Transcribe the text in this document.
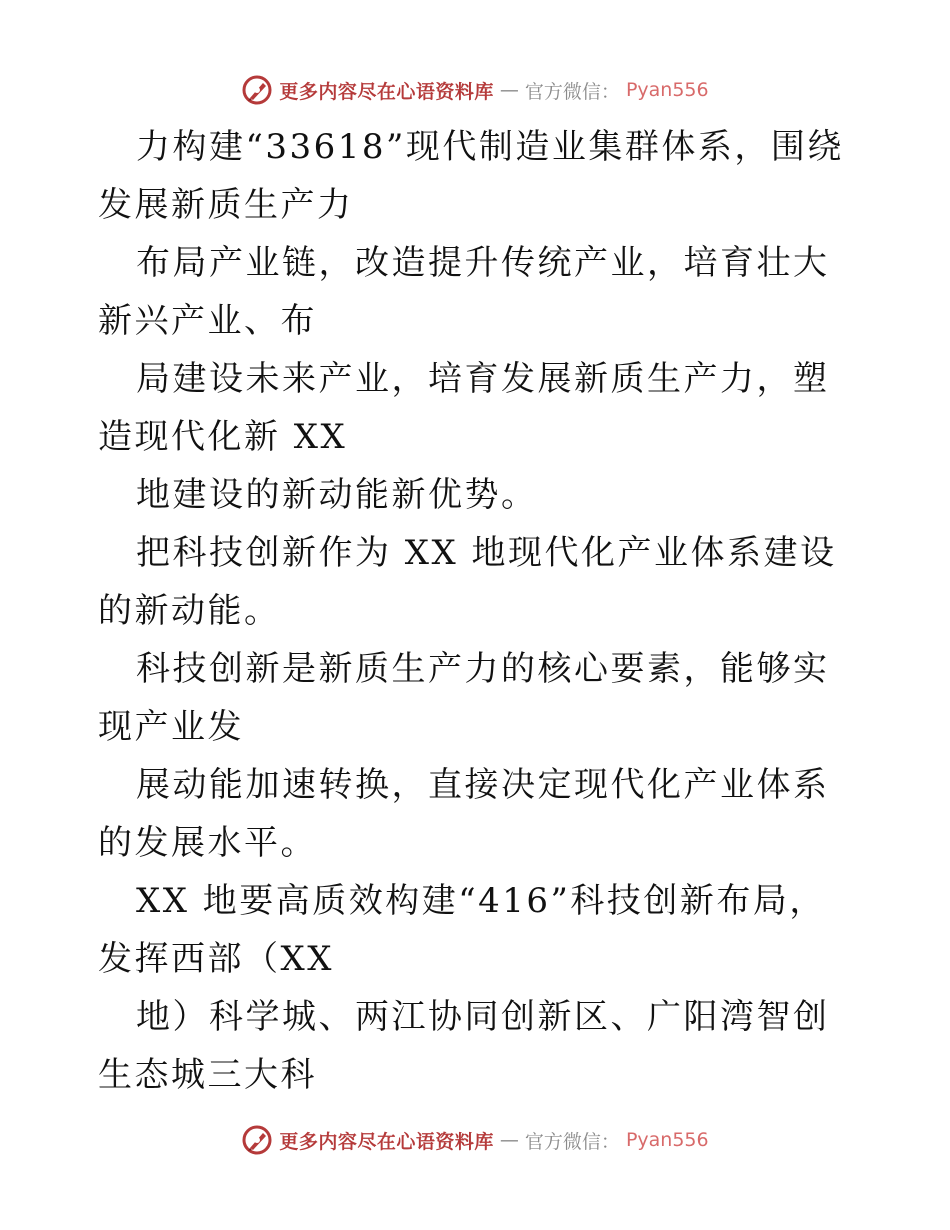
更多内容尽在心语资料库 — 官方微信： Pyan556

力构建“33618”现代制造业集群体系，围绕发展新质生产力

布局产业链，改造提升传统产业，培育壮大新兴产业、布

局建设未来产业，培育发展新质生产力，塑造现代化新 XX

地建设的新动能新优势。

把科技创新作为 XX 地现代化产业体系建设的新动能。

科技创新是新质生产力的核心要素，能够实现产业发

展动能加速转换，直接决定现代化产业体系的发展水平。

XX 地要高质效构建“416”科技创新布局，发挥西部（XX

地）科学城、两江协同创新区、广阳湾智创生态城三大科

更多内容尽在心语资料库 — 官方微信： Pyan556
